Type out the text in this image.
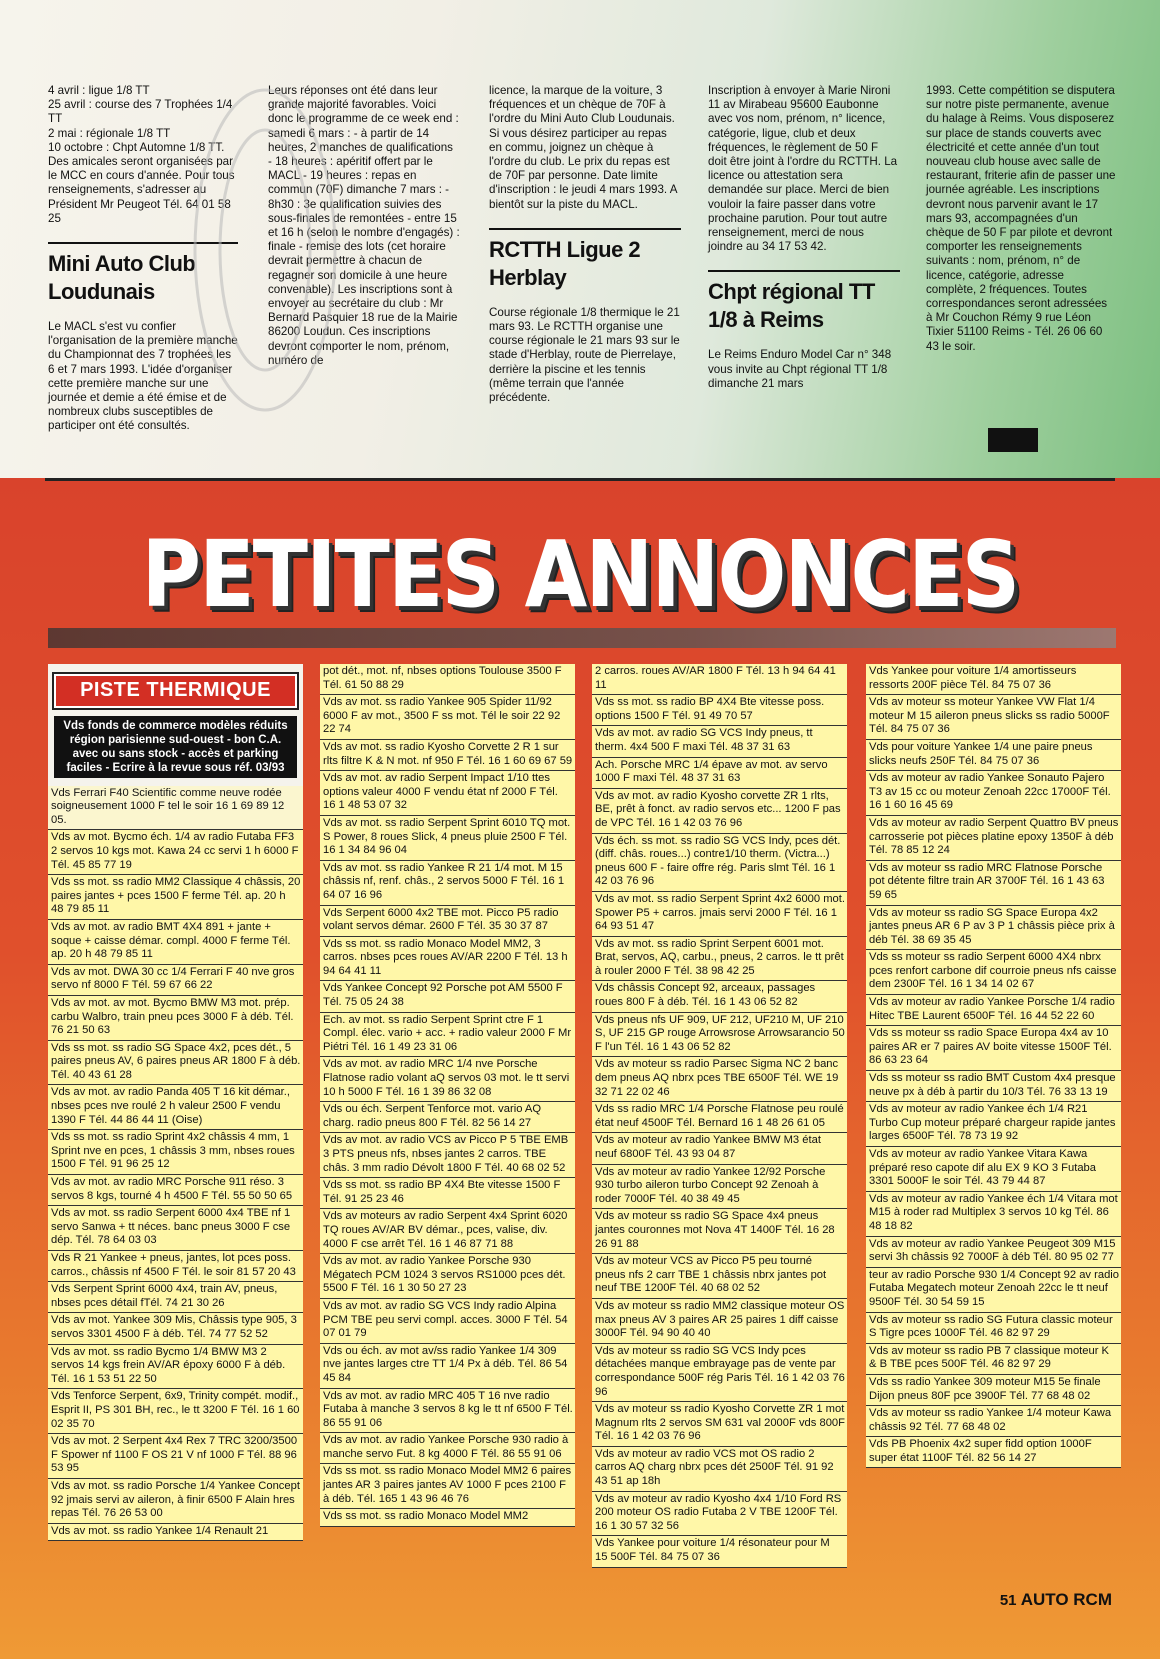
4 avril : ligue 1/8 TT

25 avril : course des 7 Trophées 1/4 TT

2 mai : régionale 1/8 TT

10 octobre : Chpt Automne 1/8 TT.

Des amicales seront organisées par le MCC en cours d'année. Pour tous renseignements, s'adresser au Président Mr Peugeot Tél. 64 01 58 25

Mini Auto Club Loudunais

Le MACL s'est vu confier l'organisation de la première manche du Championnat des 7 trophées les 6 et 7 mars 1993. L'idée d'organiser cette première manche sur une journée et demie a été émise et de nombreux clubs susceptibles de participer ont été consultés.

Leurs réponses ont été dans leur grande majorité favorables. Voici donc le programme de ce week end : samedi 6 mars : - à partir de 14 heures, 2 manches de qualifications - 18 heures : apéritif offert par le MACL - 19 heures : repas en commun (70F) dimanche 7 mars : - 8h30 : 3e qualification suivies des sous-finales de remontées - entre 15 et 16 h (selon le nombre d'engagés) : finale - remise des lots (cet horaire devrait permettre à chacun de regagner son domicile à une heure convenable). Les inscriptions sont à envoyer au secrétaire du club : Mr Bernard Pasquier 18 rue de la Mairie 86200 Loudun. Ces inscriptions devront comporter le nom, prénom, numéro de

licence, la marque de la voiture, 3 fréquences et un chèque de 70F à l'ordre du Mini Auto Club Loudunais. Si vous désirez participer au repas en commu, joignez un chèque à l'ordre du club. Le prix du repas est de 70F par personne. Date limite d'inscription : le jeudi 4 mars 1993. A bientôt sur la piste du MACL.

RCTTH Ligue 2 Herblay

Course régionale 1/8 thermique le 21 mars 93. Le RCTTH organise une course régionale le 21 mars 93 sur le stade d'Herblay, route de Pierrelaye, derrière la piscine et les tennis (même terrain que l'année précédente.

Inscription à envoyer à Marie Nironi 11 av Mirabeau 95600 Eaubonne avec vos nom, prénom, n° licence, catégorie, ligue, club et deux fréquences, le règlement de 50 F doit être joint à l'ordre du RCTTH. La licence ou attestation sera demandée sur place. Merci de bien vouloir la faire passer dans votre prochaine parution. Pour tout autre renseignement, merci de nous joindre au 34 17 53 42.

Chpt régional TT 1/8 à Reims

Le Reims Enduro Model Car n° 348 vous invite au Chpt régional TT 1/8 dimanche 21 mars

1993. Cette compétition se disputera sur notre piste permanente, avenue du halage à Reims. Vous disposerez sur place de stands couverts avec électricité et cette année d'un tout nouveau club house avec salle de restaurant, friterie afin de passer une journée agréable. Les inscriptions devront nous parvenir avant le 17 mars 93, accompagnées d'un chèque de 50 F par pilote et devront comporter les renseignements suivants : nom, prénom, n° de licence, catégorie, adresse complète, 2 fréquences. Toutes correspondances seront adressées à Mr Couchon Rémy 9 rue Léon Tixier 51100 Reims - Tél. 26 06 60 43 le soir.

PETITES ANNONCES
PISTE THERMIQUE
Vds fonds de commerce modèles réduits région parisienne sud-ouest - bon C.A. avec ou sans stock - accès et parking faciles - Ecrire à la revue sous réf. 03/93
Vds Ferrari F40 Scientific comme neuve rodée soigneusement 1000 F tel le soir 16 1 69 89 12 05.
Vds av mot. Bycmo éch. 1/4 av radio Futaba FF3 2 servos 10 kgs mot. Kawa 24 cc servi 1 h 6000 F Tél. 45 85 77 19
Vds ss mot. ss radio MM2 Classique 4 châssis, 20 paires jantes + pces 1500 F ferme Tél. ap. 20 h 48 79 85 11
Vds av mot. av radio BMT 4X4 891 + jante + soque + caisse démar. compl. 4000 F ferme Tél. ap. 20 h 48 79 85 11
Vds av mot. DWA 30 cc 1/4 Ferrari F 40 nve gros servo nf 8000 F Tél. 59 67 66 22
Vds av mot. av mot. Bycmo BMW M3 mot. prép. carbu Walbro, train pneu pces 3000 F à déb. Tél. 76 21 50 63
Vds ss mot. ss radio SG Space 4x2, pces dét., 5 paires pneus AV, 6 paires pneus AR 1800 F à déb. Tél. 40 43 61 28
Vds av mot. av radio Panda 405 T 16 kit démar., nbses pces nve roulé 2 h valeur 2500 F vendu 1390 F Tél. 44 86 44 11 (Oise)
Vds ss mot. ss radio Sprint 4x2 châssis 4 mm, 1 Sprint nve en pces, 1 châssis 3 mm, nbses roues 1500 F Tél. 91 96 25 12
Vds av mot. av radio MRC Porsche 911 réso. 3 servos 8 kgs, tourné 4 h 4500 F Tél. 55 50 50 65
Vds av mot. ss radio Serpent 6000 4x4 TBE nf 1 servo Sanwa + tt néces. banc pneus 3000 F cse dép. Tél. 78 64 03 03
Vds R 21 Yankee + pneus, jantes, lot pces poss. carros., châssis nf 4500 F Tél. le soir 81 57 20 43
Vds Serpent Sprint 6000 4x4, train AV, pneus, nbses pces détail fTél. 74 21 30 26
Vds av mot. Yankee 309 Mis, Châssis type 905, 3 servos 3301 4500 F à déb. Tél. 74 77 52 52
Vds av mot. ss radio Bycmo 1/4 BMW M3 2 servos 14 kgs frein AV/AR époxy 6000 F à déb. Tél. 16 1 53 51 22 50
Vds Tenforce Serpent, 6x9, Trinity compét. modif., Esprit II, PS 301 BH, rec., le tt 3200 F Tél. 16 1 60 02 35 70
Vds av mot. 2 Serpent 4x4 Rex 7 TRC 3200/3500 F Spower nf 1100 F OS 21 V nf 1000 F Tél. 88 96 53 95
Vds av mot. ss radio Porsche 1/4 Yankee Concept 92 jmais servi av aileron, à finir 6500 F Alain hres repas Tél. 76 26 53 00
Vds av mot. ss radio Yankee 1/4 Renault 21
pot dét., mot. nf, nbses options Toulouse 3500 F Tél. 61 50 88 29
Vds av mot. ss radio Yankee 905 Spider 11/92 6000 F av mot., 3500 F ss mot. Tél le soir 22 92 22 74
Vds av mot. ss radio Kyosho Corvette 2 R 1 sur rlts filtre K & N mot. nf 950 F Tél. 16 1 60 69 67 59
Vds av mot. av radio Serpent Impact 1/10 ttes options valeur 4000 F vendu état nf 2000 F Tél. 16 1 48 53 07 32
Vds av mot. ss radio Serpent Sprint 6010 TQ mot. S Power, 8 roues Slick, 4 pneus pluie 2500 F Tél. 16 1 34 84 96 04
Vds av mot. ss radio Yankee R 21 1/4 mot. M 15 châssis nf, renf. châs., 2 servos 5000 F Tél. 16 1 64 07 16 96
Vds Serpent 6000 4x2 TBE mot. Picco P5 radio volant servos démar. 2600 F Tél. 35 30 37 87
Vds ss mot. ss radio Monaco Model MM2, 3 carros. nbses pces roues AV/AR 2200 F Tél. 13 h 94 64 41 11
Vds Yankee Concept 92 Porsche pot AM 5500 F Tél. 75 05 24 38
Ech. av mot. ss radio Serpent Sprint ctre F 1 Compl. élec. vario + acc. + radio valeur 2000 F Mr Piétri Tél. 16 1 49 23 31 06
Vds av mot. av radio MRC 1/4 nve Porsche Flatnose radio volant aQ servos 03 mot. le tt servi 10 h 5000 F Tél. 16 1 39 86 32 08
Vds ou éch. Serpent Tenforce mot. vario AQ charg. radio pneus 800 F Tél. 82 56 14 27
Vds av mot. av radio VCS av Picco P 5 TBE EMB 3 PTS pneus nfs, nbses jantes 2 carros. TBE châs. 3 mm radio Dévolt 1800 F Tél. 40 68 02 52
Vds ss mot. ss radio BP 4X4 Bte vitesse 1500 F Tél. 91 25 23 46
Vds av moteurs av radio Serpent 4x4 Sprint 6020 TQ roues AV/AR BV démar., pces, valise, div. 4000 F cse arrêt Tél. 16 1 46 87 71 88
Vds av mot. av radio Yankee Porsche 930 Mégatech PCM 1024 3 servos RS1000 pces dét. 5500 F Tél. 16 1 30 50 27 23
Vds av mot. av radio SG VCS Indy radio Alpina PCM TBE peu servi compl. acces. 3000 F Tél. 54 07 01 79
Vds ou éch. av mot av/ss radio Yankee 1/4 309 nve jantes larges ctre TT 1/4 Px à déb. Tél. 86 54 45 84
Vds av mot. av radio MRC 405 T 16 nve radio Futaba à manche 3 servos 8 kg le tt nf 6500 F Tél. 86 55 91 06
Vds av mot. av radio Yankee Porsche 930 radio à manche servo Fut. 8 kg 4000 F Tél. 86 55 91 06
Vds ss mot. ss radio Monaco Model MM2 6 paires jantes AR 3 paires jantes AV 1000 F pces 2100 F à déb. Tél. 165 1 43 96 46 76
Vds ss mot. ss radio Monaco Model MM2
2 carros. roues AV/AR 1800 F Tél. 13 h 94 64 41 11
Vds ss mot. ss radio BP 4X4 Bte vitesse poss. options 1500 F Tél. 91 49 70 57
Vds av mot. av radio SG VCS Indy pneus, tt therm. 4x4 500 F maxi Tél. 48 37 31 63
Ach. Porsche MRC 1/4 épave av mot. av servo 1000 F maxi Tél. 48 37 31 63
Vds av mot. av radio Kyosho corvette ZR 1 rlts, BE, prêt à fonct. av radio servos etc... 1200 F pas de VPC Tél. 16 1 42 03 76 96
Vds éch. ss mot. ss radio SG VCS Indy, pces dét. (diff. châs. roues...) contre1/10 therm. (Victra...) pneus 600 F - faire offre rég. Paris slmt Tél. 16 1 42 03 76 96
Vds av mot. ss radio Serpent Sprint 4x2 6000 mot. Spower P5 + carros. jmais servi 2000 F Tél. 16 1 64 93 51 47
Vds av mot. ss radio Sprint Serpent 6001 mot. Brat, servos, AQ, carbu., pneus, 2 carros. le tt prêt à rouler 2000 F Tél. 38 98 42 25
Vds châssis Concept 92, arceaux, passages roues 800 F à déb. Tél. 16 1 43 06 52 82
Vds pneus nfs UF 909, UF 212, UF210 M, UF 210 S, UF 215 GP rouge Arrowsrose Arrowsarancio 50 F l'un Tél. 16 1 43 06 52 82
Vds av moteur ss radio Parsec Sigma NC 2 banc dem pneus AQ nbrx pces TBE 6500F Tél. WE 19 32 71 22 02 46
Vds ss radio MRC 1/4 Porsche Flatnose peu roulé état neuf 4500F Tél. Bernard 16 1 48 26 61 05
Vds av moteur av radio Yankee BMW M3 état neuf 6800F Tél. 43 93 04 87
Vds av moteur av radio Yankee 12/92 Porsche 930 turbo aileron turbo Concept 92 Zenoah à roder 7000F Tél. 40 38 49 45
Vds av moteur ss radio SG Space 4x4 pneus jantes couronnes mot Nova 4T 1400F Tél. 16 28 26 91 88
Vds av moteur VCS av Picco P5 peu tourné pneus nfs 2 carr TBE 1 châssis nbrx jantes pot neuf TBE 1200F Tél. 40 68 02 52
Vds av moteur ss radio MM2 classique moteur OS max pneus AV 3 paires AR 25 paires 1 diff caisse 3000F Tél. 94 90 40 40
Vds av moteur ss radio SG VCS Indy pces détachées manque embrayage pas de vente par correspondance 500F rég Paris Tél. 16 1 42 03 76 96
Vds av moteur ss radio Kyosho Corvette ZR 1 mot Magnum rlts 2 servos SM 631 val 2000F vds 800F Tél. 16 1 42 03 76 96
Vds av moteur av radio VCS mot OS radio 2 carros AQ charg nbrx pces dét 2500F Tél. 91 92 43 51 ap 18h
Vds av moteur av radio Kyosho 4x4 1/10 Ford RS 200 moteur OS radio Futaba 2 V TBE 1200F Tél. 16 1 30 57 32 56
Vds Yankee pour voiture 1/4 résonateur pour M 15 500F Tél. 84 75 07 36
Vds Yankee pour voiture 1/4 amortisseurs ressorts 200F pièce Tél. 84 75 07 36
Vds av moteur ss moteur Yankee VW Flat 1/4 moteur M 15 aileron pneus slicks ss radio 5000F Tél. 84 75 07 36
Vds pour voiture Yankee 1/4 une paire pneus slicks neufs 250F Tél. 84 75 07 36
Vds av moteur av radio Yankee Sonauto Pajero T3 av 15 cc ou moteur Zenoah 22cc 17000F Tél. 16 1 60 16 45 69
Vds av moteur av radio Serpent Quattro BV pneus carrosserie pot pièces platine epoxy 1350F à déb Tél. 78 85 12 24
Vds av moteur ss radio MRC Flatnose Porsche pot détente filtre train AR 3700F Tél. 16 1 43 63 59 65
Vds av moteur ss radio SG Space Europa 4x2 jantes pneus AR 6 P av 3 P 1 châssis pièce prix à déb Tél. 38 69 35 45
Vds ss moteur ss radio Serpent 6000 4X4 nbrx pces renfort carbone dif courroie pneus nfs caisse dem 2300F Tél. 16 1 34 14 02 67
Vds av moteur av radio Yankee Porsche 1/4 radio Hitec TBE Laurent 6500F Tél. 16 44 52 22 60
Vds ss moteur ss radio Space Europa 4x4 av 10 paires AR er 7 paires AV boite vitesse 1500F Tél. 86 63 23 64
Vds ss moteur ss radio BMT Custom 4x4 presque neuve px à déb à partir du 10/3 Tél. 76 33 13 19
Vds av moteur av radio Yankee éch 1/4 R21 Turbo Cup moteur préparé chargeur rapide jantes larges 6500F Tél. 78 73 19 92
Vds av moteur av radio Yankee Vitara Kawa préparé reso capote dif alu EX 9 KO 3 Futaba 3301 5000F le soir Tél. 43 79 44 87
Vds av moteur av radio Yankee éch 1/4 Vitara mot M15 à roder rad Multiplex 3 servos 10 kg Tél. 86 48 18 82
Vds av moteur av radio Yankee Peugeot 309 M15 servi 3h châssis 92 7000F à déb Tél. 80 95 02 77
teur av radio Porsche 930 1/4 Concept 92 av radio Futaba Megatech moteur Zenoah 22cc le tt neuf 9500F Tél. 30 54 59 15
Vds av moteur ss radio SG Futura classic moteur S Tigre pces 1000F Tél. 46 82 97 29
Vds av moteur ss radio PB 7 classique moteur K & B TBE pces 500F Tél. 46 82 97 29
Vds ss radio Yankee 309 moteur M15 5e finale Dijon pneus 80F pce 3900F Tél. 77 68 48 02
Vds av moteur ss radio Yankee 1/4 moteur Kawa châssis 92 Tél. 77 68 48 02
Vds PB Phoenix 4x2 super fidd option 1000F super état 1100F Tél. 82 56 14 27
51 AUTO RCM
